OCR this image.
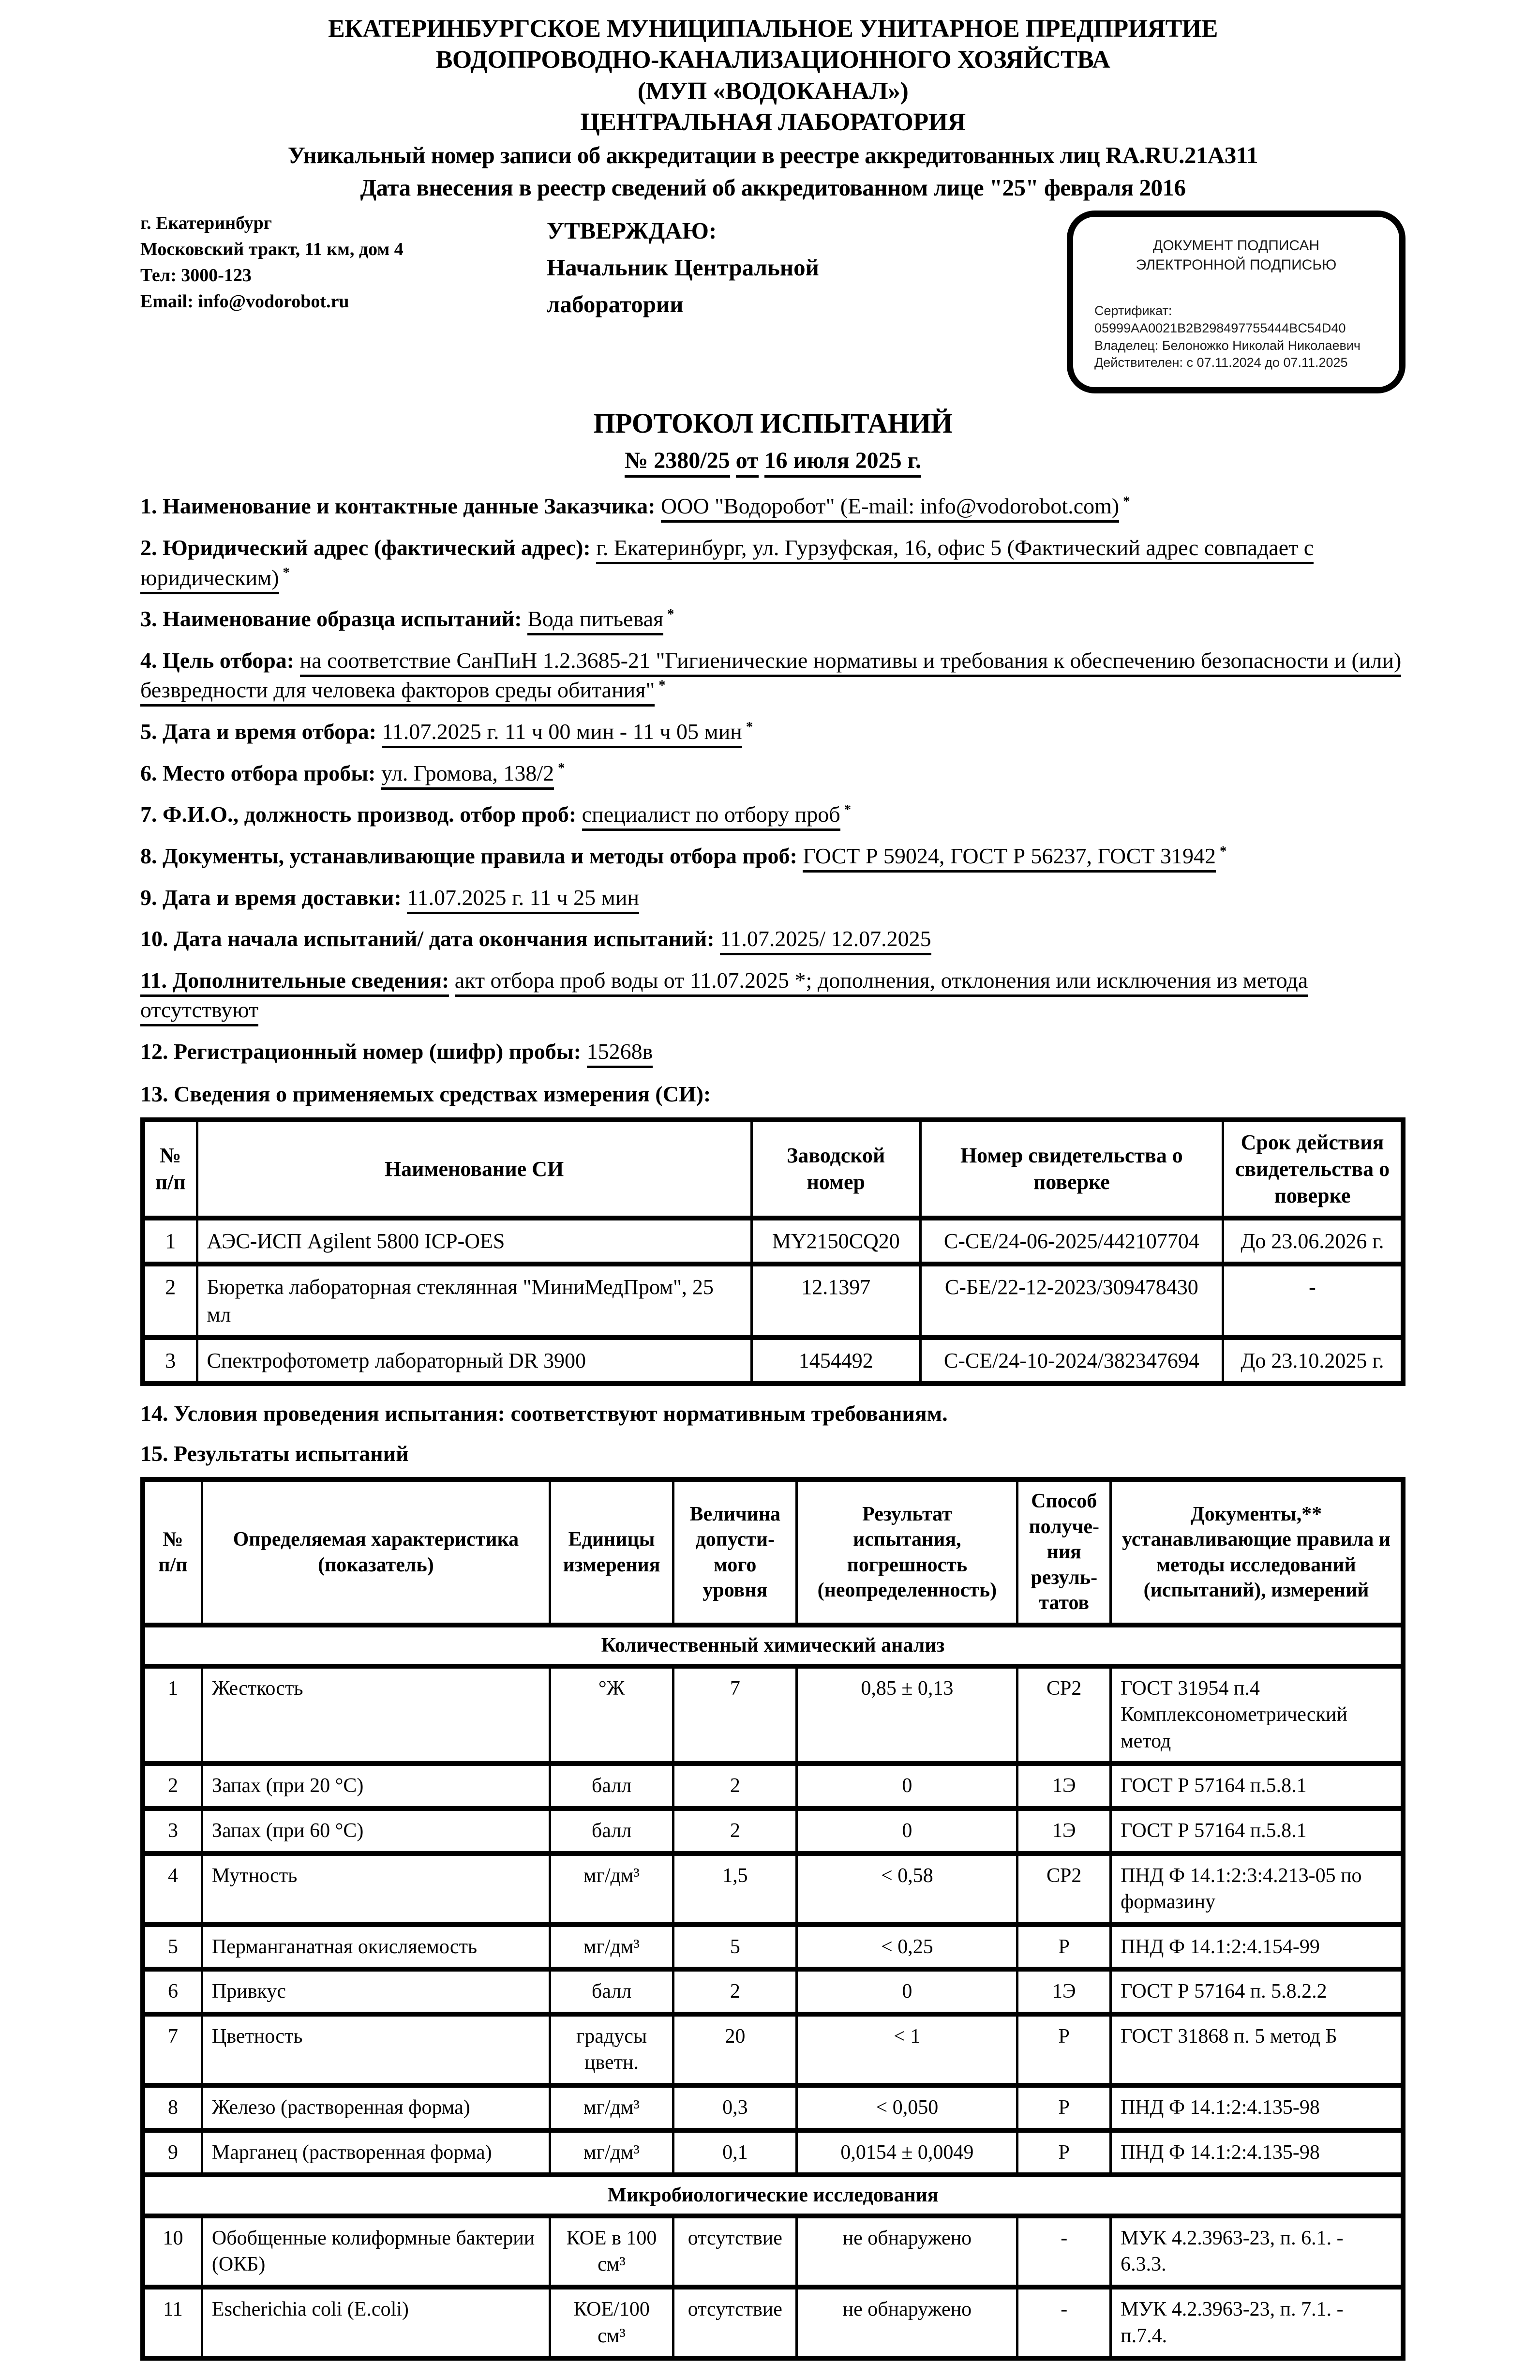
ЕКАТЕРИНБУРГСКОЕ МУНИЦИПАЛЬНОЕ УНИТАРНОЕ ПРЕДПРИЯТИЕ
ВОДОПРОВОДНО-КАНАЛИЗАЦИОННОГО ХОЗЯЙСТВА
(МУП «ВОДОКАНАЛ»)
ЦЕНТРАЛЬНАЯ ЛАБОРАТОРИЯ
Уникальный номер записи об аккредитации в реестре аккредитованных лиц RA.RU.21А311
Дата внесения в реестр сведений об аккредитованном лице "25" февраля 2016
г. Екатеринбург
Московский тракт, 11 км, дом 4
Тел: 3000-123
Email: info@vodorobot.ru
УТВЕРЖДАЮ:
Начальник Центральной
лаборатории
ДОКУМЕНТ ПОДПИСАН
ЭЛЕКТРОННОЙ ПОДПИСЬЮ
Сертификат:
05999AA0021B2B298497755444BC54D40
Владелец: Белоножко Николай Николаевич
Действителен: с 07.11.2024 до 07.11.2025
ПРОТОКОЛ ИСПЫТАНИЙ
№ 2380/25 от 16 июля 2025 г.
1. Наименование и контактные данные Заказчика: ООО "Водоробот" (E-mail: info@vodorobot.com) *
2. Юридический адрес (фактический адрес): г. Екатеринбург, ул. Гурзуфская, 16, офис 5 (Фактический адрес совпадает с юридическим) *
3. Наименование образца испытаний: Вода питьевая *
4. Цель отбора: на соответствие СанПиН 1.2.3685-21 "Гигиенические нормативы и требования к обеспечению безопасности и (или) безвредности для человека факторов среды обитания" *
5. Дата и время отбора: 11.07.2025 г. 11 ч 00 мин - 11 ч 05 мин *
6. Место отбора пробы: ул. Громова, 138/2 *
7. Ф.И.О., должность производ. отбор проб: специалист по отбору проб *
8. Документы, устанавливающие правила и методы отбора проб: ГОСТ Р 59024, ГОСТ Р 56237, ГОСТ 31942 *
9. Дата и время доставки: 11.07.2025 г. 11 ч 25 мин
10. Дата начала испытаний/ дата окончания испытаний: 11.07.2025/ 12.07.2025
11. Дополнительные сведения: акт отбора проб воды от 11.07.2025 *; дополнения, отклонения или исключения из метода отсутствуют
12. Регистрационный номер (шифр) пробы: 15268в
13. Сведения о применяемых средствах измерения (СИ):
№ п/п	Наименование СИ	Заводской номер	Номер свидетельства о поверке	Срок действия свидетельства о поверке
1	АЭС-ИСП Agilent 5800 ICP-OES	MY2150CQ20	С-СЕ/24-06-2025/442107704	До 23.06.2026 г.
2	Бюретка лабораторная стеклянная "МиниМедПром", 25 мл	12.1397	С-БЕ/22-12-2023/309478430	-
3	Спектрофотометр лабораторный DR 3900	1454492	С-СЕ/24-10-2024/382347694	До 23.10.2025 г.
14. Условия проведения испытания: соответствуют нормативным требованиям.
15. Результаты испытаний
№ п/п	Определяемая характеристика (показатель)	Единицы измерения	Величина допусти-мого уровня	Результат испытания, погрешность (неопределенность)	Способ получе-ния резуль-татов	Документы,** устанавливающие правила и методы исследований (испытаний), измерений
Количественный химический анализ						
1	Жесткость	°Ж	7	0,85 ± 0,13	СР2	ГОСТ 31954 п.4 Комплексонометрический метод
2	Запах (при 20 °С)	балл	2	0	1Э	ГОСТ Р 57164 п.5.8.1
3	Запах (при 60 °С)	балл	2	0	1Э	ГОСТ Р 57164 п.5.8.1
4	Мутность	мг/дм³	1,5	< 0,58	СР2	ПНД Ф 14.1:2:3:4.213-05 по формазину
5	Перманганатная окисляемость	мг/дм³	5	< 0,25	Р	ПНД Ф 14.1:2:4.154-99
6	Привкус	балл	2	0	1Э	ГОСТ Р 57164 п. 5.8.2.2
7	Цветность	градусы цветн.	20	< 1	Р	ГОСТ 31868 п. 5 метод Б
8	Железо (растворенная форма)	мг/дм³	0,3	< 0,050	Р	ПНД Ф 14.1:2:4.135-98
9	Марганец (растворенная форма)	мг/дм³	0,1	0,0154 ± 0,0049	Р	ПНД Ф 14.1:2:4.135-98
Микробиологические исследования						
10	Обобщенные колиформные бактерии (ОКБ)	КОЕ в 100 см³	отсутствие	не обнаружено	-	МУК 4.2.3963-23, п. 6.1. - 6.3.3.
11	Escherichia coli (E.coli)	КОЕ/100 см³	отсутствие	не обнаружено	-	МУК 4.2.3963-23, п. 7.1. - п.7.4.
